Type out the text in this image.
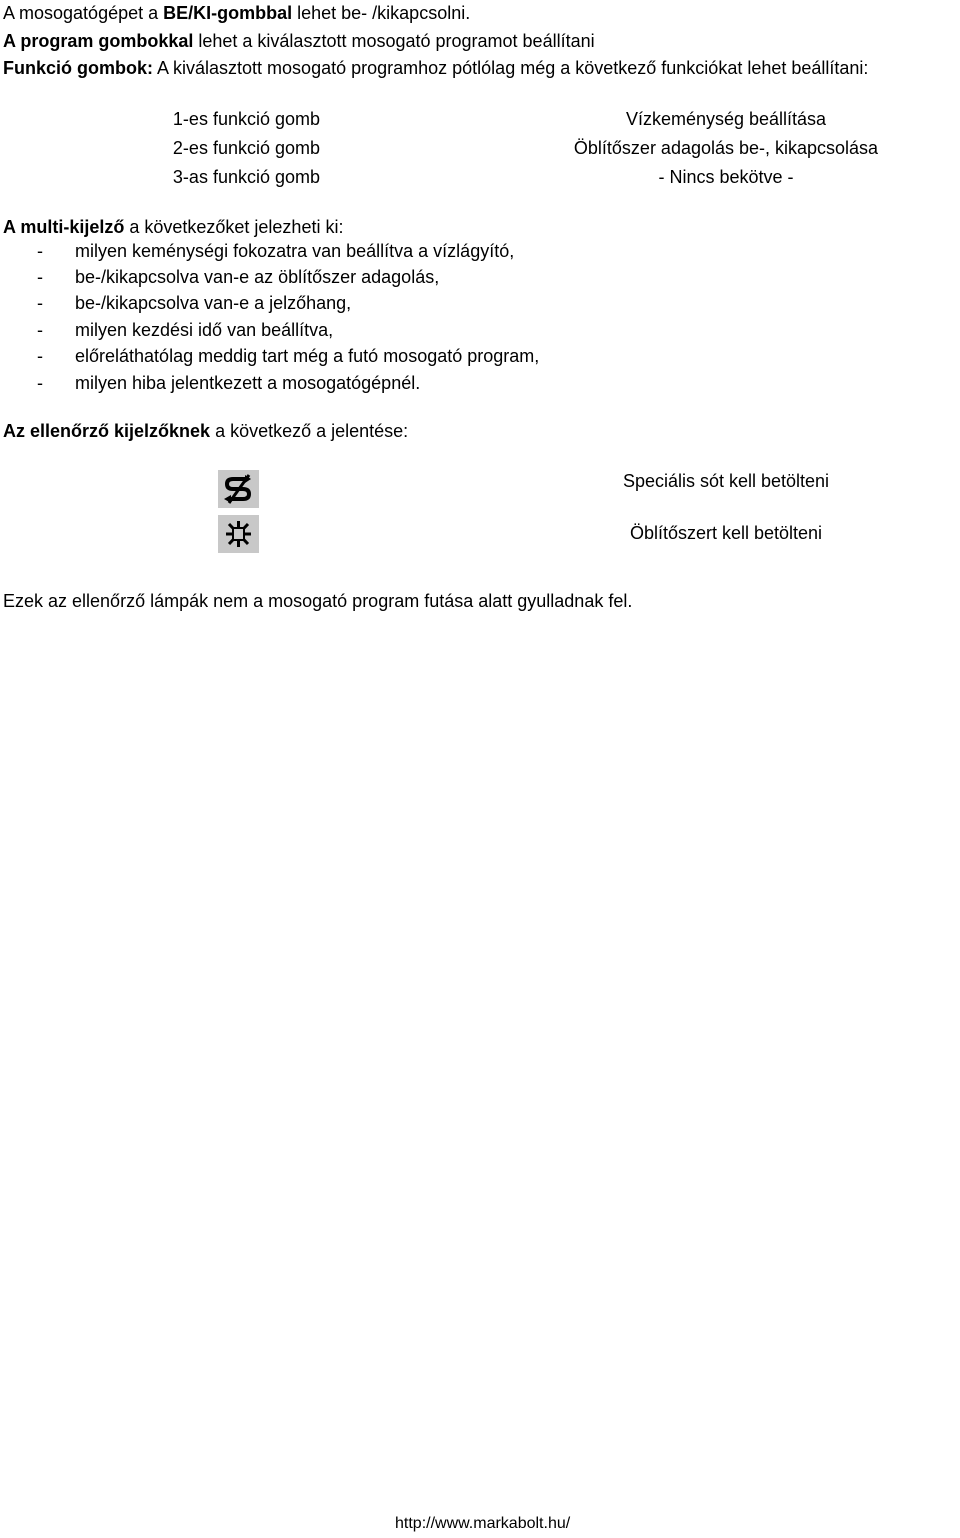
A mosogatógépet a BE/KI-gombbal lehet be- /kikapcsolni.
A program gombokkal lehet a kiválasztott mosogató programot beállítani
Funkció gombok: A kiválasztott mosogató programhoz pótlólag még a következő funkciókat lehet beállítani:
1-es funkció gomb	Vízkeménység beállítása
2-es funkció gomb	Öblítőszer adagolás be-, kikapcsolása
3-as funkció gomb	- Nincs bekötve -
A multi-kijelző a következőket jelezheti ki:
- milyen keménységi fokozatra van beállítva a vízlágyító,
- be-/kikapcsolva van-e az öblítőszer adagolás,
- be-/kikapcsolva van-e a jelzőhang,
- milyen kezdési idő van beállítva,
- előreláthatólag meddig tart még a futó mosogató program,
- milyen hiba jelentkezett a mosogatógépnél.
Az ellenőrző kijelzőknek a következő a jelentése:
Speciális sót kell betölteni
Öblítőszert kell betölteni
Ezek az ellenőrző lámpák nem a mosogató program futása alatt gyulladnak fel.
http://www.markabolt.hu/
